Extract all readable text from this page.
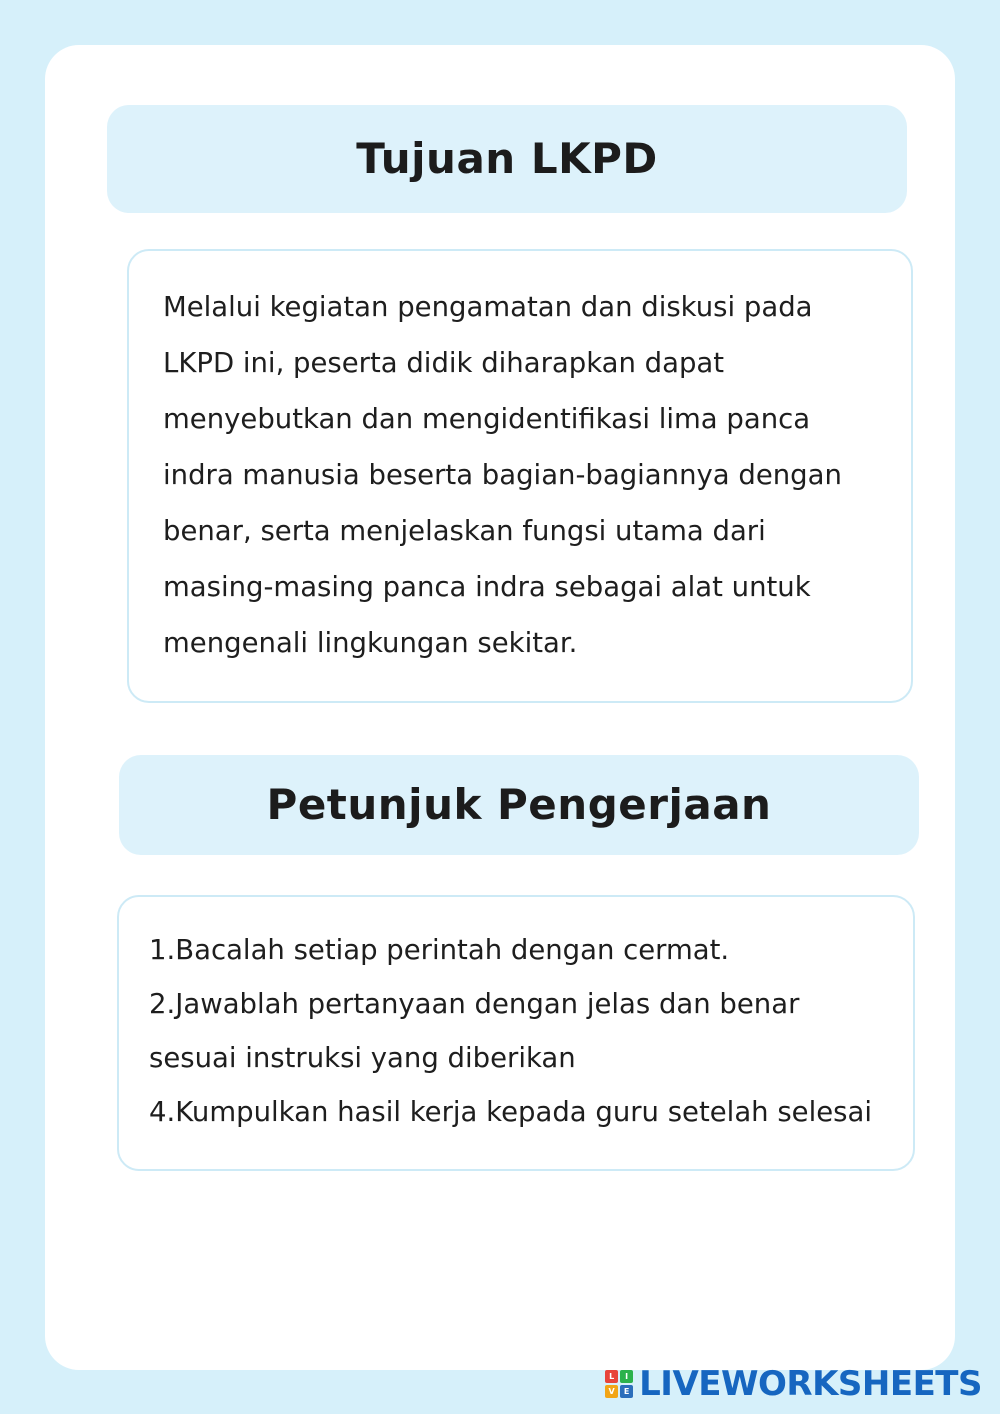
Tujuan LKPD
Melalui kegiatan pengamatan dan diskusi pada LKPD ini, peserta didik diharapkan dapat menyebutkan dan mengidentifikasi lima panca indra manusia beserta bagian-bagiannya dengan benar, serta menjelaskan fungsi utama dari masing-masing panca indra sebagai alat untuk mengenali lingkungan sekitar.
Petunjuk Pengerjaan
1.Bacalah setiap perintah dengan cermat.
2.Jawablah pertanyaan dengan jelas dan benar sesuai instruksi yang diberikan
4.Kumpulkan hasil kerja kepada guru setelah selesai
L	I
V	E LIVEWORKSHEETS
